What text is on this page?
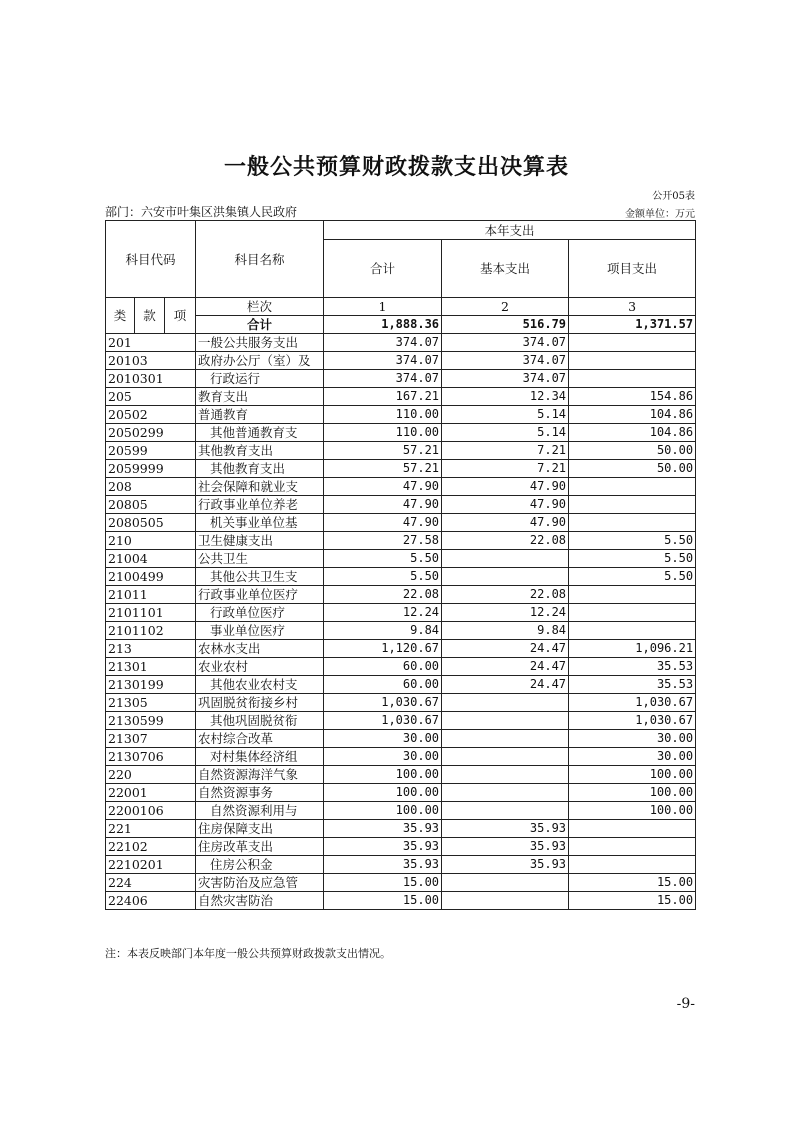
一般公共预算财政拨款支出决算表
公开05表
部门：六安市叶集区洪集镇人民政府	金额单位：万元
科目代码			科目名称	本年支出		
				合计	基本支出	项目支出
类	款	项	栏次	1	2	3
			合计	1,888.36	516.79	1,371.57
201			一般公共服务支出	374.07	374.07	
20103			政府办公厅（室）及	374.07	374.07	
2010301			行政运行	374.07	374.07	
205			教育支出	167.21	12.34	154.86
20502			普通教育	110.00	5.14	104.86
2050299			其他普通教育支	110.00	5.14	104.86
20599			其他教育支出	57.21	7.21	50.00
2059999			其他教育支出	57.21	7.21	50.00
208			社会保障和就业支	47.90	47.90	
20805			行政事业单位养老	47.90	47.90	
2080505			机关事业单位基	47.90	47.90	
210			卫生健康支出	27.58	22.08	5.50
21004			公共卫生	5.50		5.50
2100499			其他公共卫生支	5.50		5.50
21011			行政事业单位医疗	22.08	22.08	
2101101			行政单位医疗	12.24	12.24	
2101102			事业单位医疗	9.84	9.84	
213			农林水支出	1,120.67	24.47	1,096.21
21301			农业农村	60.00	24.47	35.53
2130199			其他农业农村支	60.00	24.47	35.53
21305			巩固脱贫衔接乡村	1,030.67		1,030.67
2130599			其他巩固脱贫衔	1,030.67		1,030.67
21307			农村综合改革	30.00		30.00
2130706			对村集体经济组	30.00		30.00
220			自然资源海洋气象	100.00		100.00
22001			自然资源事务	100.00		100.00
2200106			自然资源利用与	100.00		100.00
221			住房保障支出	35.93	35.93	
22102			住房改革支出	35.93	35.93	
2210201			住房公积金	35.93	35.93	
224			灾害防治及应急管	15.00		15.00
22406			自然灾害防治	15.00		15.00
注：本表反映部门本年度一般公共预算财政拨款支出情况。
-9-
